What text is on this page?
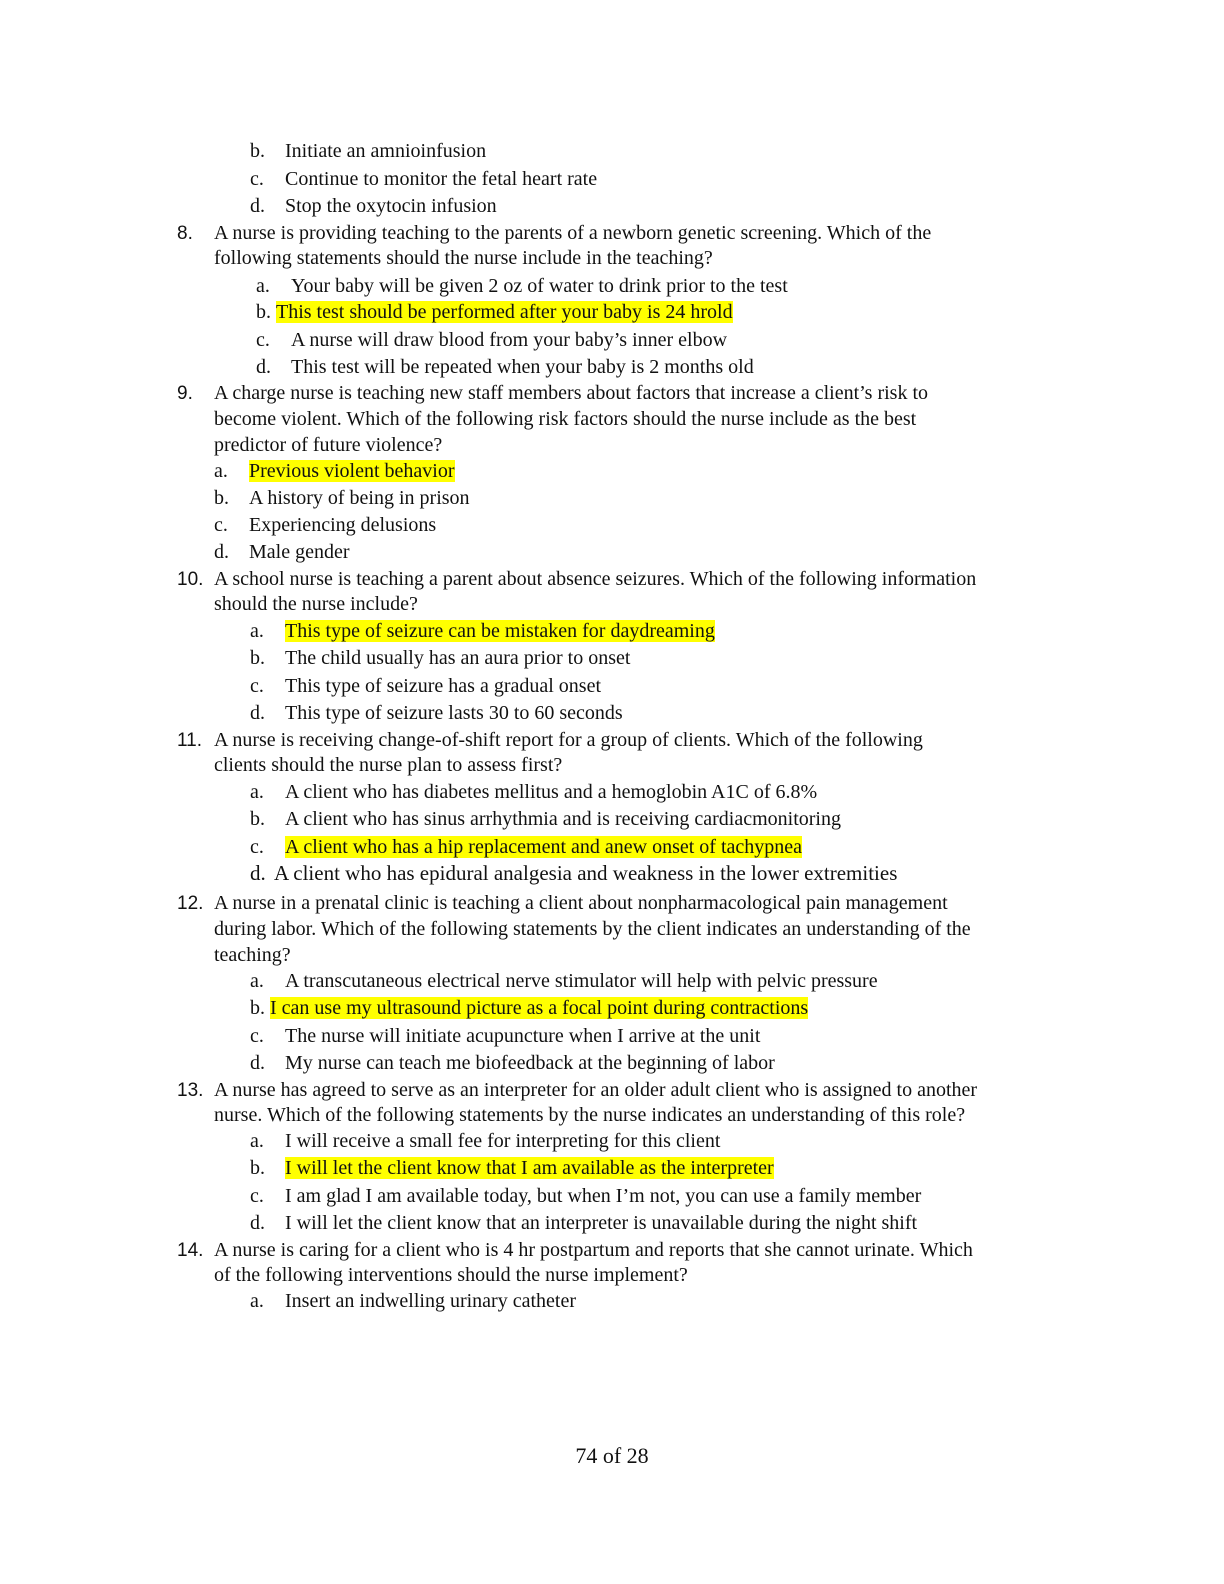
b. Initiate an amnioinfusion
c. Continue to monitor the fetal heart rate
d. Stop the oxytocin infusion
8. A nurse is providing teaching to the parents of a newborn genetic screening. Which of the
following statements should the nurse include in the teaching?
a. Your baby will be given 2 oz of water to drink prior to the test
b. This test should be performed after your baby is 24 hrold
c. A nurse will draw blood from your baby’s inner elbow
d. This test will be repeated when your baby is 2 months old
9. A charge nurse is teaching new staff members about factors that increase a client’s risk to
become violent. Which of the following risk factors should the nurse include as the best
predictor of future violence?
a. Previous violent behavior
b. A history of being in prison
c. Experiencing delusions
d. Male gender
10. A school nurse is teaching a parent about absence seizures. Which of the following information
should the nurse include?
a. This type of seizure can be mistaken for daydreaming
b. The child usually has an aura prior to onset
c. This type of seizure has a gradual onset
d. This type of seizure lasts 30 to 60 seconds
11. A nurse is receiving change-of-shift report for a group of clients. Which of the following
clients should the nurse plan to assess first?
a. A client who has diabetes mellitus and a hemoglobin A1C of 6.8%
b. A client who has sinus arrhythmia and is receiving cardiacmonitoring
c. A client who has a hip replacement and anew onset of tachypnea
d. A client who has epidural analgesia and weakness in the lower extremities
12. A nurse in a prenatal clinic is teaching a client about nonpharmacological pain management
during labor. Which of the following statements by the client indicates an understanding of the
teaching?
a. A transcutaneous electrical nerve stimulator will help with pelvic pressure
b. I can use my ultrasound picture as a focal point during contractions
c. The nurse will initiate acupuncture when I arrive at the unit
d. My nurse can teach me biofeedback at the beginning of labor
13. A nurse has agreed to serve as an interpreter for an older adult client who is assigned to another
nurse. Which of the following statements by the nurse indicates an understanding of this role?
a. I will receive a small fee for interpreting for this client
b. I will let the client know that I am available as the interpreter
c. I am glad I am available today, but when I’m not, you can use a family member
d. I will let the client know that an interpreter is unavailable during the night shift
14. A nurse is caring for a client who is 4 hr postpartum and reports that she cannot urinate. Which
of the following interventions should the nurse implement?
a. Insert an indwelling urinary catheter
74 of 28
